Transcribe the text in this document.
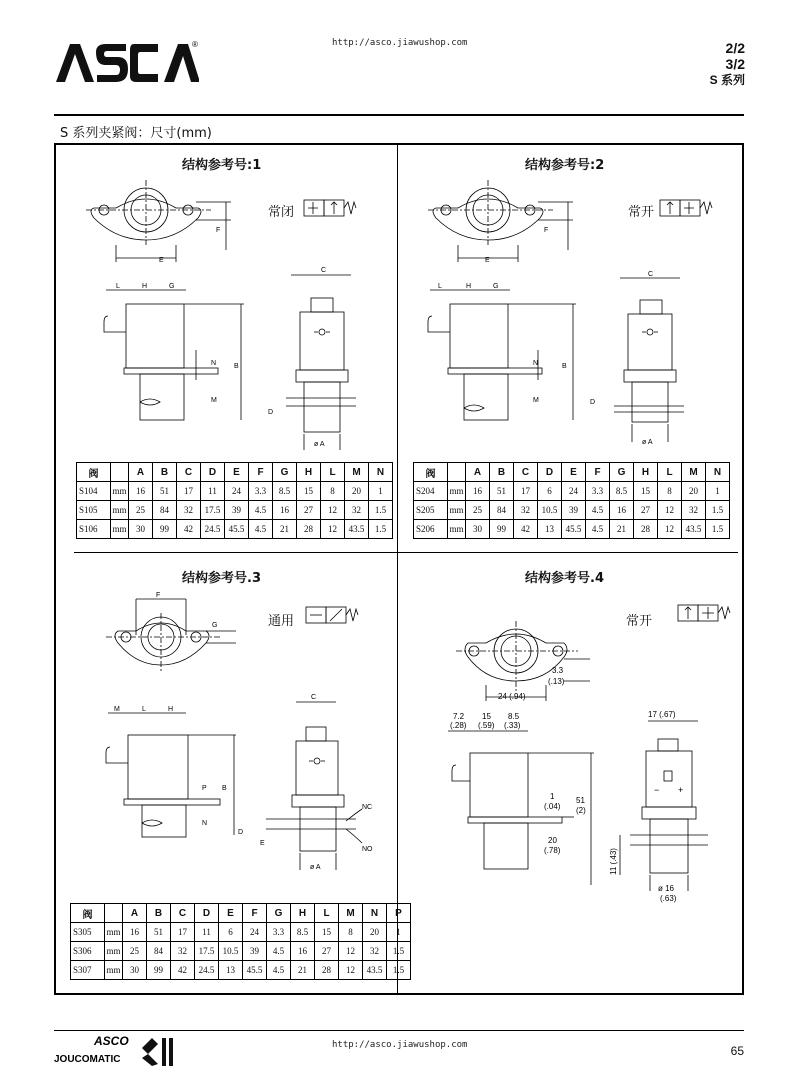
®	http://asco.jiawushop.com	2/2
3/2
S 系列
S 系列夹紧阀：尺寸(mm)
结构参考号:1
常闭
E
F
L	H	G
N	B
M
C
D
ø A
阀		A	B	C	D	E	F	G	H	L	M	N
S104	mm	16	51	17	11	24	3.3	8.5	15	8	20	1
S105	mm	25	84	32	17.5	39	4.5	16	27	12	32	1.5
S106	mm	30	99	42	24.5	45.5	4.5	21	28	12	43.5	1.5
结构参考号:2
常开
E
F
L	H	G
N	B
M
C
D
ø A
阀		A	B	C	D	E	F	G	H	L	M	N
S204	mm	16	51	17	6	24	3.3	8.5	15	8	20	1
S205	mm	25	84	32	10.5	39	4.5	16	27	12	32	1.5
S206	mm	30	99	42	13	45.5	4.5	21	28	12	43.5	1.5
结构参考号.3
通用
F
G
M	L	H
P B
N
C
D
E
NC
NO
ø A
阀		A	B	C	D	E	F	G	H	L	M	N	P
S305	mm	16	51	17	11	6	24	3.3	8.5	15	8	20	1
S306	mm	25	84	32	17.5	10.5	39	4.5	16	27	12	32	1.5
S307	mm	30	99	42	24.5	13	45.5	4.5	21	28	12	43.5	1.5
结构参考号.4
常开
3.3
(.13)
24 (.94)
7.2
(.28)
15
(.59)
8.5
(.33)
1
(.04)
51
(2)
20
(.78)
17 (.67)
− +
11 (.43)
ø 16
(.63)
ASCO
JOUCOMATIC
http://asco.jiawushop.com	65
